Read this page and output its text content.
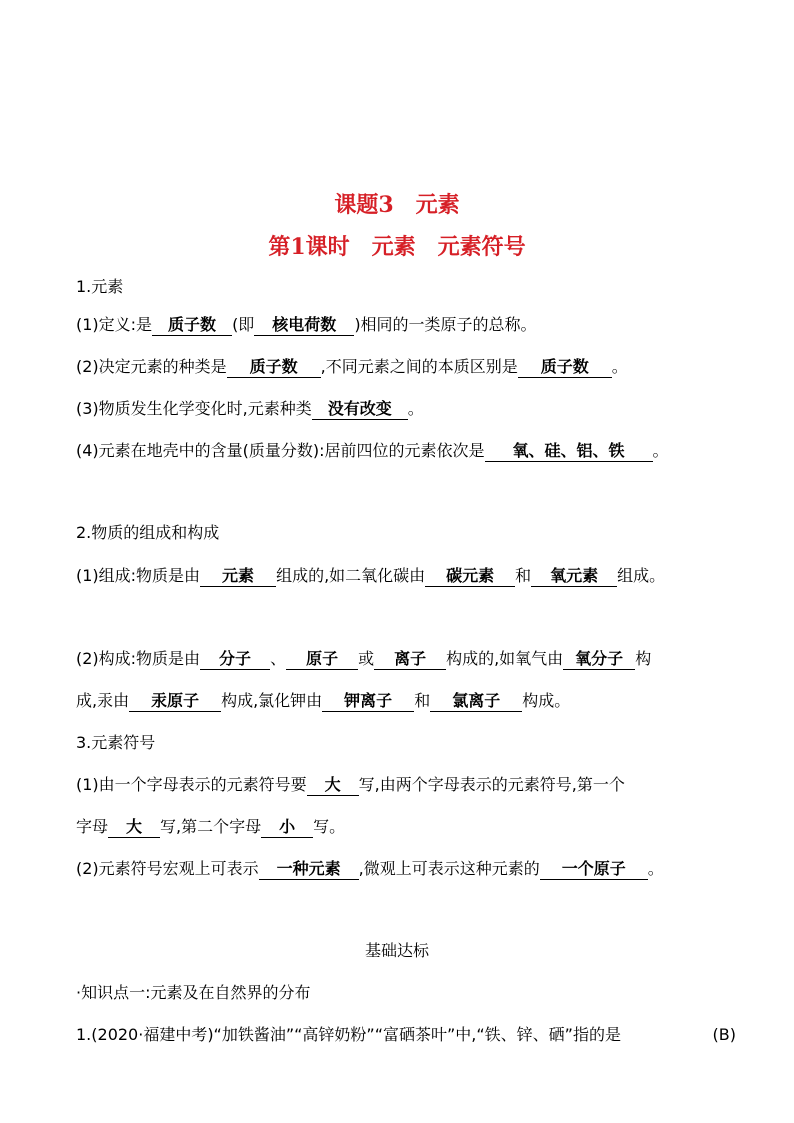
课题3　元素
第1课时　元素　元素符号
1.元素
(1)定义:是 质子数 (即 核电荷数 )相同的一类原子的总称。
(2)决定元素的种类是 质子数 ,不同元素之间的本质区别是 质子数 。
(3)物质发生化学变化时,元素种类 没有改变 。
(4)元素在地壳中的含量(质量分数):居前四位的元素依次是 氧、硅、铝、铁 。
2.物质的组成和构成
(1)组成:物质是由 元素 组成的,如二氧化碳由 碳元素 和 氧元素 组成。
(2)构成:物质是由 分子 、 原子 或 离子 构成的,如氧气由 氧分子 构
成,汞由 汞原子 构成,氯化钾由 钾离子 和 氯离子 构成。
3.元素符号
(1)由一个字母表示的元素符号要 大 写,由两个字母表示的元素符号,第一个
字母 大 写,第二个字母 小 写。
(2)元素符号宏观上可表示 一种元素 ,微观上可表示这种元素的 一个原子 。
基础达标
·知识点一:元素及在自然界的分布
1.(2020·福建中考)“加铁酱油”“高锌奶粉”“富硒茶叶”中,“铁、锌、硒”指的是	(B)
